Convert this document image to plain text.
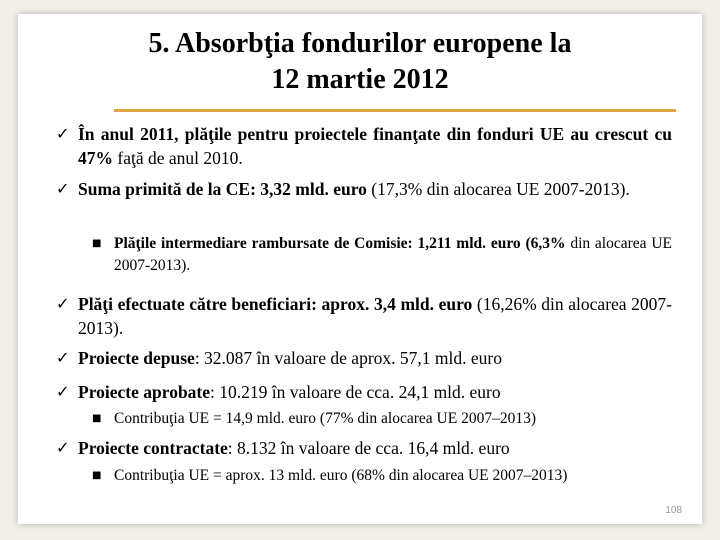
5. Absorbţia fondurilor europene la
12 martie 2012
✓ În anul 2011, plăţile pentru proiectele finanţate din fonduri UE au crescut cu 47% faţă de anul 2010.
✓ Suma primită de la CE: 3,32 mld. euro (17,3% din alocarea UE 2007-2013).
■ Plăţile intermediare rambursate de Comisie: 1,211 mld. euro (6,3% din alocarea UE 2007-2013).
✓ Plăţi efectuate către beneficiari: aprox. 3,4 mld. euro (16,26% din alocarea 2007-2013).
✓ Proiecte depuse: 32.087 în valoare de aprox. 57,1 mld. euro
✓ Proiecte aprobate: 10.219 în valoare de cca. 24,1 mld. euro
■ Contribuţia UE = 14,9 mld. euro (77% din alocarea UE 2007–2013)
✓ Proiecte contractate: 8.132 în valoare de cca. 16,4 mld. euro
■ Contribuţia UE = aprox. 13 mld. euro (68% din alocarea UE 2007–2013)
108
